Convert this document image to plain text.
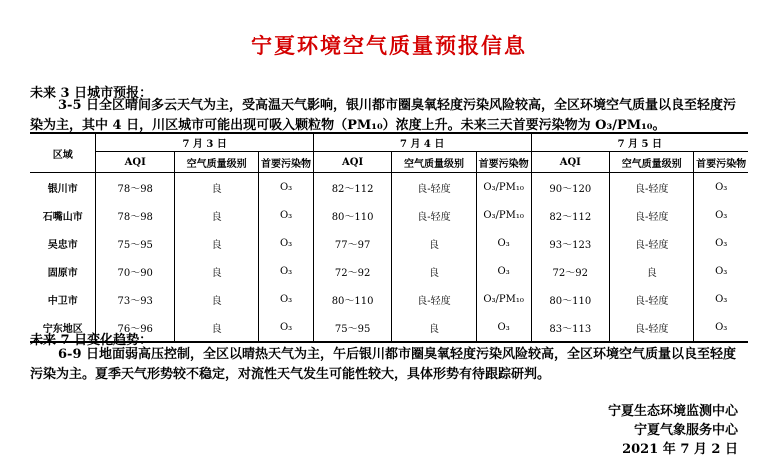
宁夏环境空气质量预报信息
未来 3 日城市预报：
3-5 日全区晴间多云天气为主，受高温天气影响，银川都市圈臭氧轻度污染风险较高，全区环境空气质量以良至轻度污
染为主，其中 4 日，川区城市可能出现可吸入颗粒物（PM₁₀）浓度上升。未来三天首要污染物为 O₃/PM₁₀。
区域	7 月 3 日			7 月 4 日			7 月 5 日		
	AQI	空气质量级别	首要污染物	AQI	空气质量级别	首要污染物	AQI	空气质量级别	首要污染物
银川市	78～98	良	O₃	82～112	良-轻度	O₃/PM₁₀	90～120	良-轻度	O₃
石嘴山市	78～98	良	O₃	80～110	良-轻度	O₃/PM₁₀	82～112	良-轻度	O₃
吴忠市	75～95	良	O₃	77～97	良	O₃	93～123	良-轻度	O₃
固原市	70～90	良	O₃	72～92	良	O₃	72～92	良	O₃
中卫市	73～93	良	O₃	80～110	良-轻度	O₃/PM₁₀	80～110	良-轻度	O₃
宁东地区	76～96	良	O₃	75～95	良	O₃	83～113	良-轻度	O₃
未来 7 日变化趋势：
6-9 日地面弱高压控制，全区以晴热天气为主，午后银川都市圈臭氧轻度污染风险较高，全区环境空气质量以良至轻度
污染为主。夏季天气形势较不稳定，对流性天气发生可能性较大，具体形势有待跟踪研判。
宁夏生态环境监测中心
宁夏气象服务中心
2021 年 7 月 2 日
